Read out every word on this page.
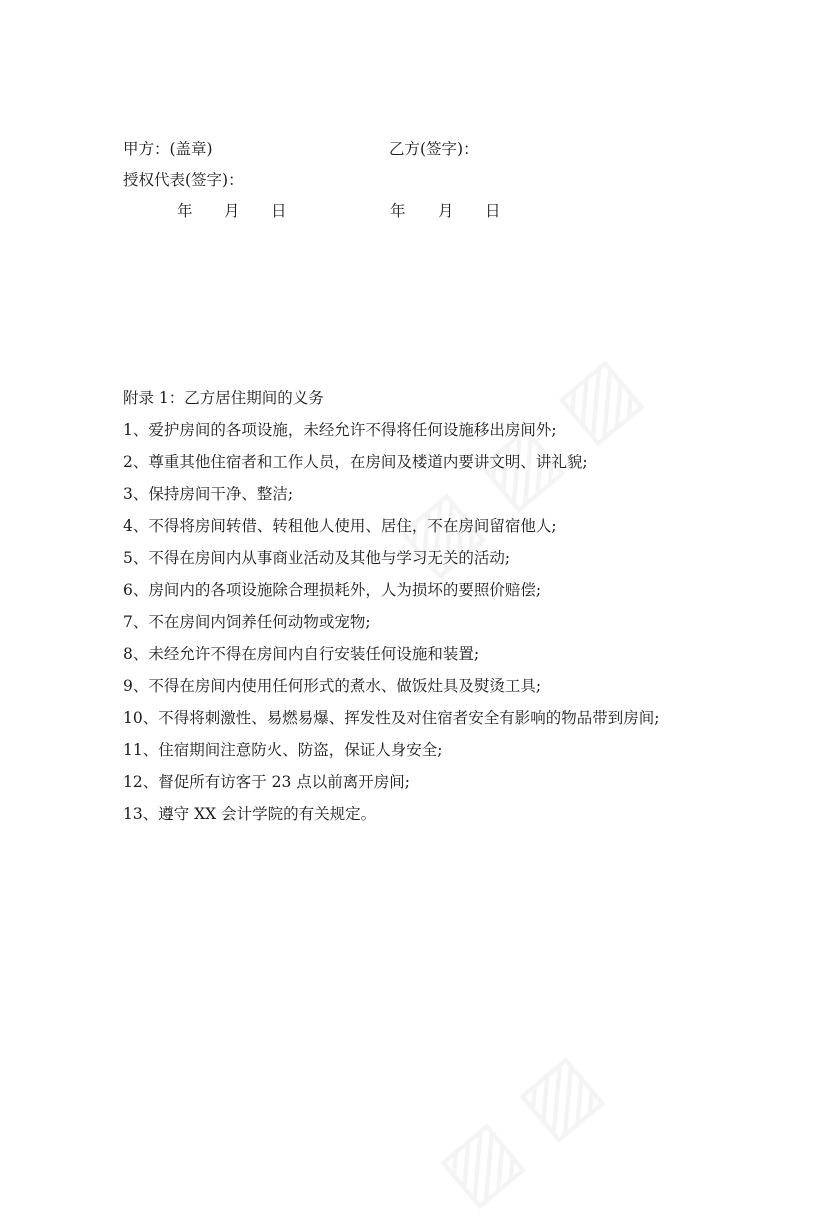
甲方：(盖章)	乙方(签字)：
授权代表(签字)：
年 月 日	年 月 日
附录 1：乙方居住期间的义务
1、爱护房间的各项设施，未经允许不得将任何设施移出房间外;
2、尊重其他住宿者和工作人员，在房间及楼道内要讲文明、讲礼貌;
3、保持房间干净、整洁;
4、不得将房间转借、转租他人使用、居住，不在房间留宿他人;
5、不得在房间内从事商业活动及其他与学习无关的活动;
6、房间内的各项设施除合理损耗外，人为损坏的要照价赔偿;
7、不在房间内饲养任何动物或宠物;
8、未经允许不得在房间内自行安装任何设施和装置;
9、不得在房间内使用任何形式的煮水、做饭灶具及熨烫工具;
10、不得将刺激性、易燃易爆、挥发性及对住宿者安全有影响的物品带到房间;
11、住宿期间注意防火、防盗，保证人身安全;
12、督促所有访客于 23 点以前离开房间;
13、遵守 XX 会计学院的有关规定。
